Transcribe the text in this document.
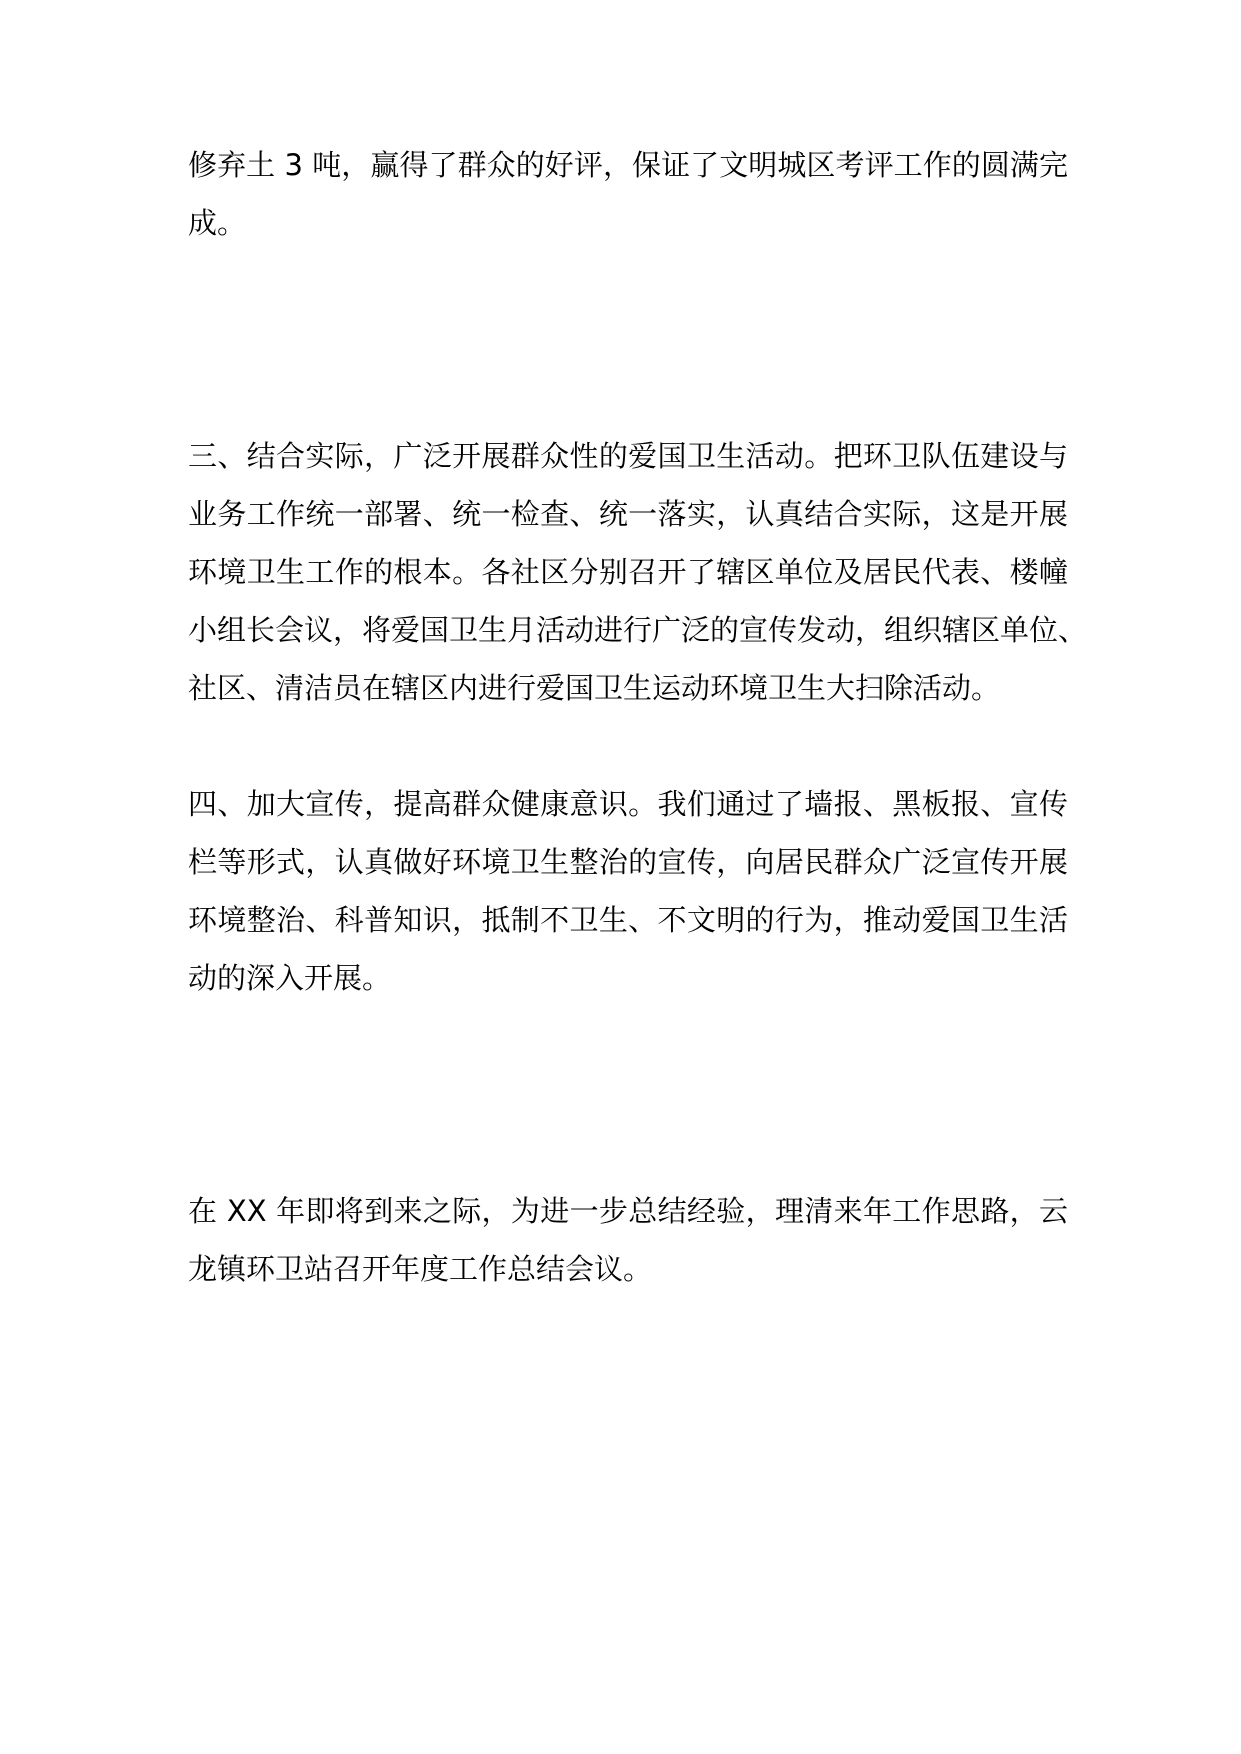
修弃土 3 吨，赢得了群众的好评，保证了文明城区考评工作的圆满完
成。
三、结合实际，广泛开展群众性的爱国卫生活动。把环卫队伍建设与
业务工作统一部署、统一检查、统一落实，认真结合实际，这是开展
环境卫生工作的根本。各社区分别召开了辖区单位及居民代表、楼幢
小组长会议，将爱国卫生月活动进行广泛的宣传发动，组织辖区单位、
社区、清洁员在辖区内进行爱国卫生运动环境卫生大扫除活动。
四、加大宣传，提高群众健康意识。我们通过了墙报、黑板报、宣传
栏等形式，认真做好环境卫生整治的宣传，向居民群众广泛宣传开展
环境整治、科普知识，抵制不卫生、不文明的行为，推动爱国卫生活
动的深入开展。
在 XX 年即将到来之际，为进一步总结经验，理清来年工作思路，云
龙镇环卫站召开年度工作总结会议。
